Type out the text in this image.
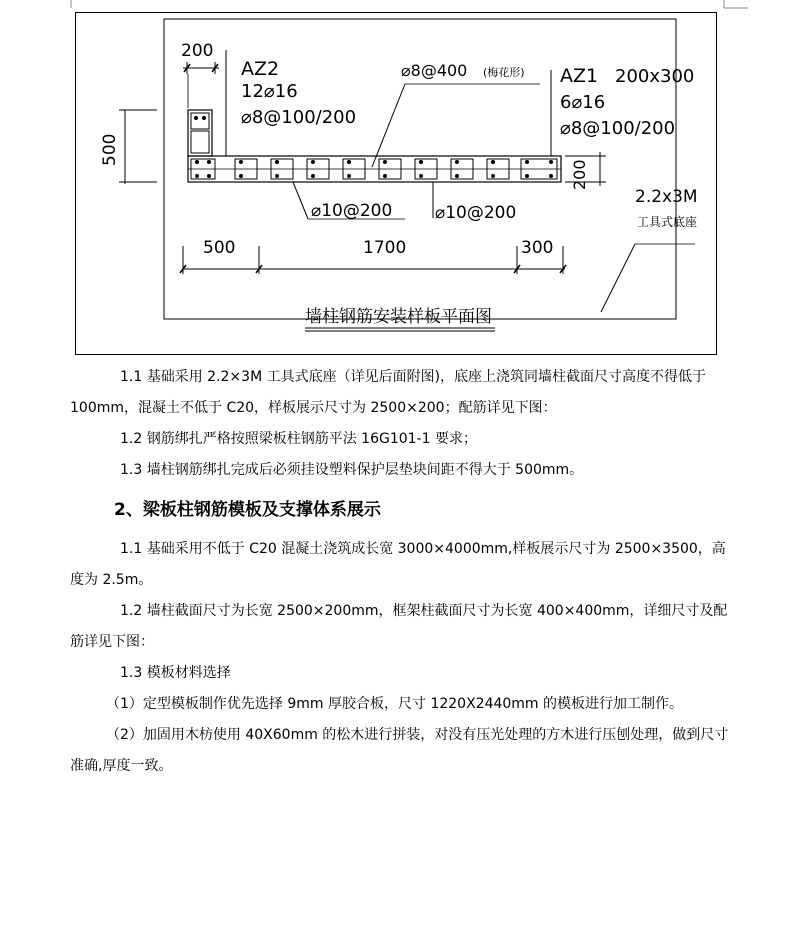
200
500
AZ2
12⌀16
⌀8@100/200
⌀8@400 (梅花形) AZ1 200x300
6⌀16
⌀8@100/200
200
⌀10@200	⌀10@200
2.2x3M
工具式底座
500	1700	300
墙柱钢筋安装样板平面图

1.1 基础采用 2.2×3M 工具式底座（详见后面附图)，底座上浇筑同墙柱截面尺寸高度不得低于 100mm，混凝土不低于 C20，样板展示尺寸为 2500×200；配筋详见下图：

1.2 钢筋绑扎严格按照梁板柱钢筋平法 16G101-1 要求；

1.3 墙柱钢筋绑扎完成后必须挂设塑料保护层垫块间距不得大于 500mm。

2、梁板柱钢筋模板及支撑体系展示

1.1 基础采用不低于 C20 混凝土浇筑成长宽 3000×4000mm,样板展示尺寸为 2500×3500，高度为 2.5m。

1.2 墙柱截面尺寸为长宽 2500×200mm，框架柱截面尺寸为长宽 400×400mm，详细尺寸及配筋详见下图：

1.3 模板材料选择

（1）定型模板制作优先选择 9mm 厚胶合板，尺寸 1220X2440mm 的模板进行加工制作。

（2）加固用木枋使用 40X60mm 的松木进行拼装，对没有压光处理的方木进行压刨处理，做到尺寸准确,厚度一致。
